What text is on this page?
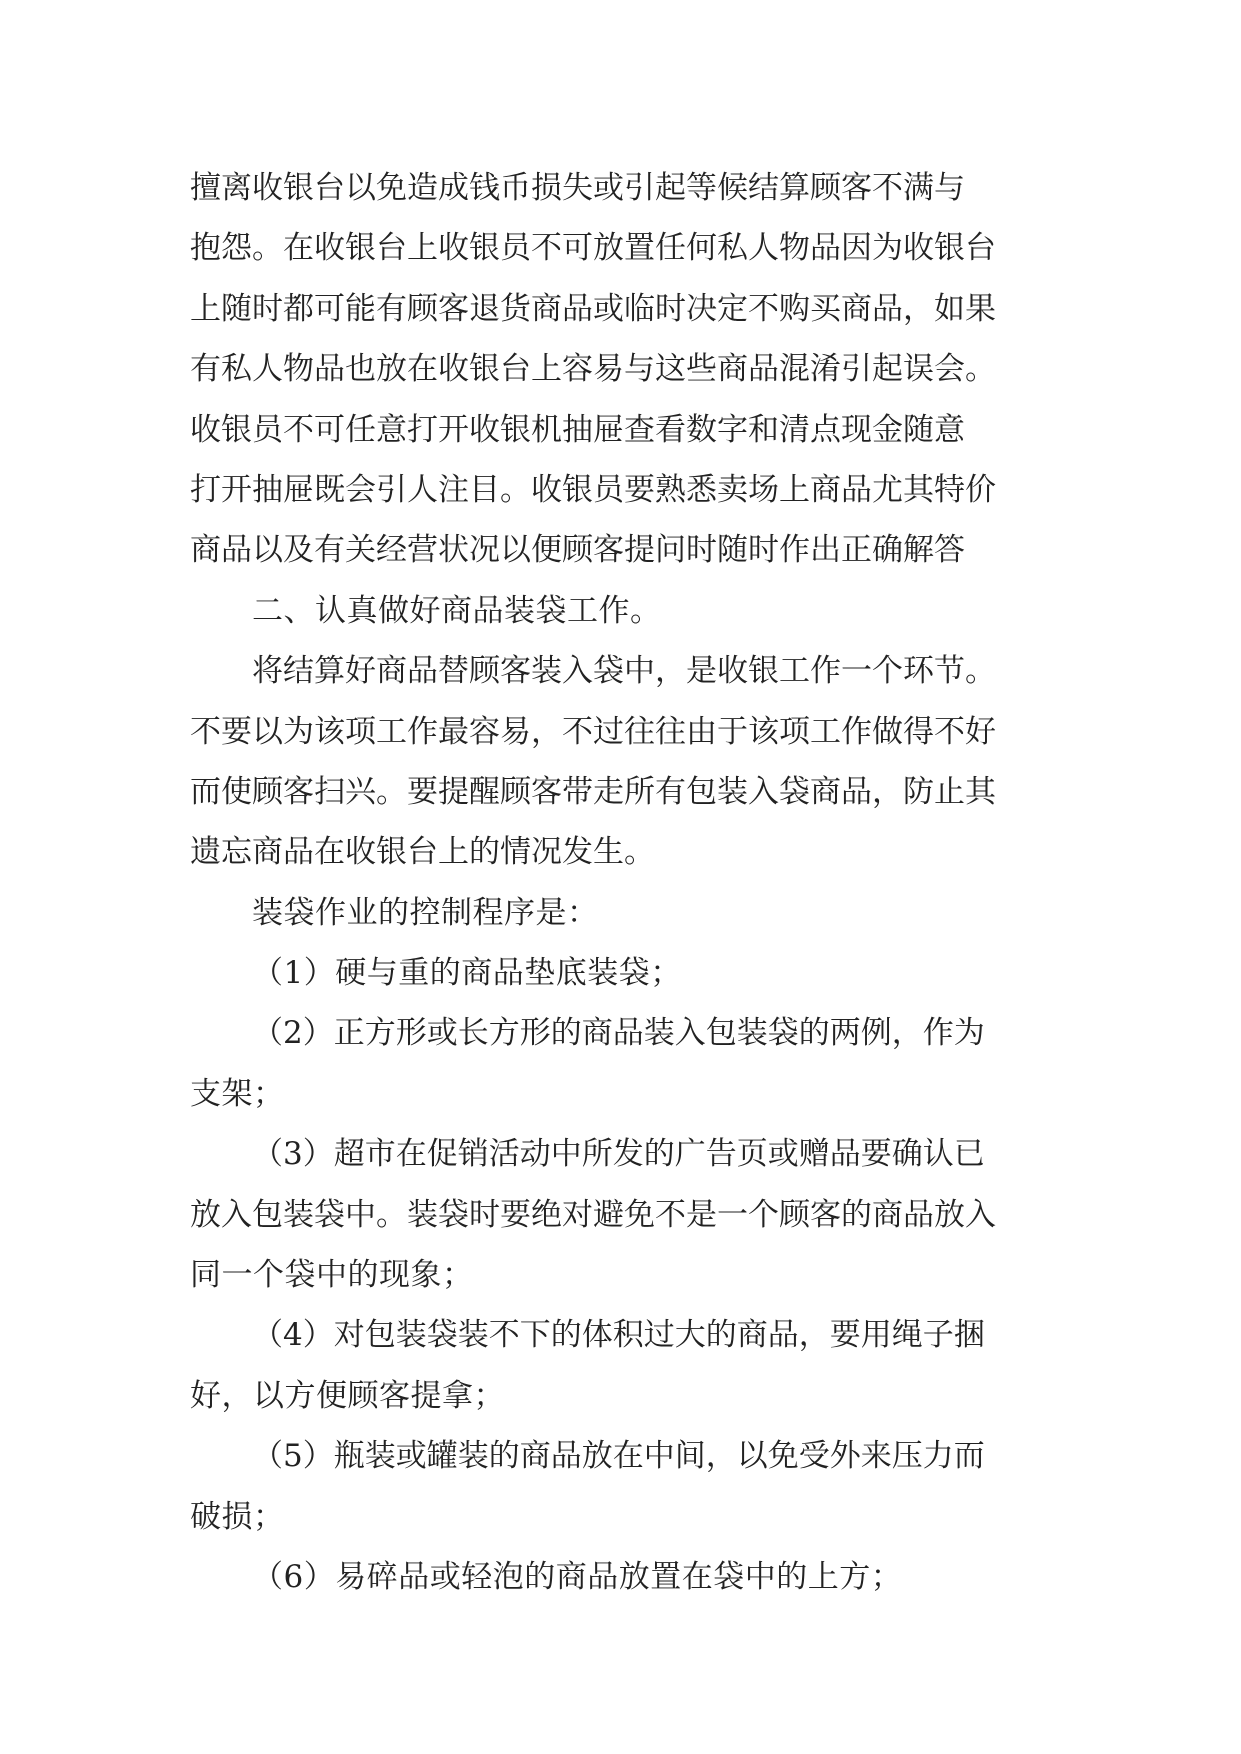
擅离收银台以免造成钱币损失或引起等候结算顾客不满与

抱怨。在收银台上收银员不可放置任何私人物品因为收银台

上随时都可能有顾客退货商品或临时决定不购买商品，如果

有私人物品也放在收银台上容易与这些商品混淆引起误会。

收银员不可任意打开收银机抽屉查看数字和清点现金随意

打开抽屉既会引人注目。收银员要熟悉卖场上商品尤其特价

商品以及有关经营状况以便顾客提问时随时作出正确解答

二、认真做好商品装袋工作。

将结算好商品替顾客装入袋中，是收银工作一个环节。

不要以为该项工作最容易，不过往往由于该项工作做得不好

而使顾客扫兴。要提醒顾客带走所有包装入袋商品，防止其

遗忘商品在收银台上的情况发生。

装袋作业的控制程序是：

（1）硬与重的商品垫底装袋；

（2）正方形或长方形的商品装入包装袋的两例，作为

支架；

（3）超市在促销活动中所发的广告页或赠品要确认已

放入包装袋中。装袋时要绝对避免不是一个顾客的商品放入

同一个袋中的现象；

（4）对包装袋装不下的体积过大的商品，要用绳子捆

好，以方便顾客提拿；

（5）瓶装或罐装的商品放在中间，以免受外来压力而

破损；

（6）易碎品或轻泡的商品放置在袋中的上方；
